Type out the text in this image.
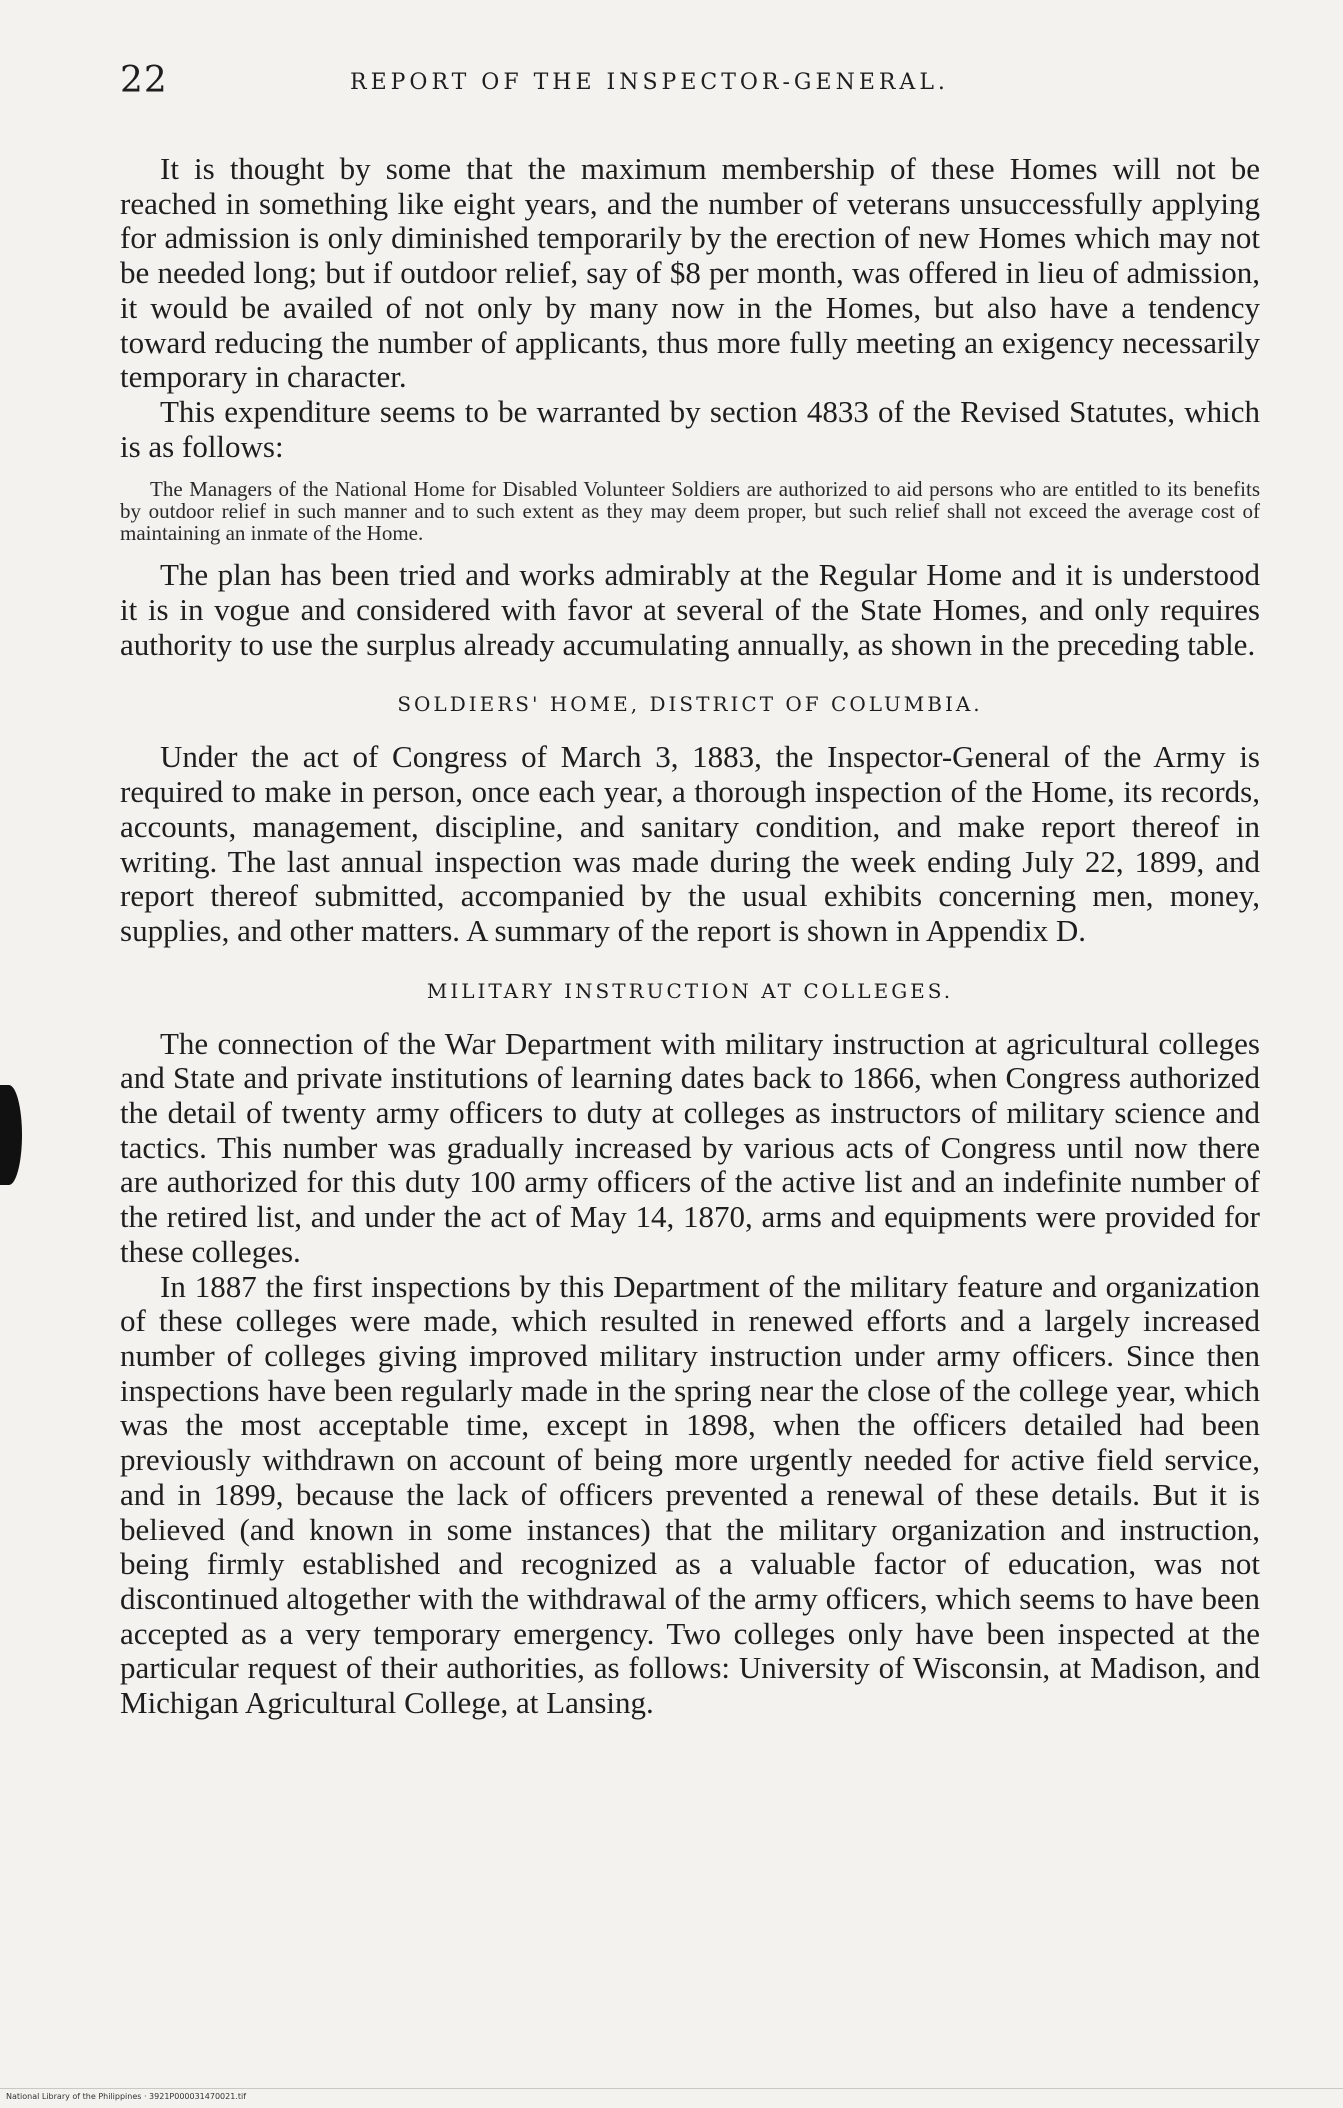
22	REPORT OF THE INSPECTOR-GENERAL.

It is thought by some that the maximum membership of these Homes will not be reached in something like eight years, and the number of veterans unsuccessfully applying for admission is only diminished temporarily by the erection of new Homes which may not be needed long; but if outdoor relief, say of $8 per month, was offered in lieu of admission, it would be availed of not only by many now in the Homes, but also have a tendency toward reducing the number of applicants, thus more fully meeting an exigency necessarily temporary in character.

This expenditure seems to be warranted by section 4833 of the Revised Statutes, which is as follows:

The Managers of the National Home for Disabled Volunteer Soldiers are authorized to aid persons who are entitled to its benefits by outdoor relief in such manner and to such extent as they may deem proper, but such relief shall not exceed the average cost of maintaining an inmate of the Home.

The plan has been tried and works admirably at the Regular Home and it is understood it is in vogue and considered with favor at several of the State Homes, and only requires authority to use the surplus already accumulating annually, as shown in the preceding table.

SOLDIERS' HOME, DISTRICT OF COLUMBIA.

Under the act of Congress of March 3, 1883, the Inspector-General of the Army is required to make in person, once each year, a thorough inspection of the Home, its records, accounts, management, discipline, and sanitary condition, and make report thereof in writing. The last annual inspection was made during the week ending July 22, 1899, and report thereof submitted, accompanied by the usual exhibits concerning men, money, supplies, and other matters. A summary of the report is shown in Appendix D.

MILITARY INSTRUCTION AT COLLEGES.

The connection of the War Department with military instruction at agricultural colleges and State and private institutions of learning dates back to 1866, when Congress authorized the detail of twenty army officers to duty at colleges as instructors of military science and tactics. This number was gradually increased by various acts of Congress until now there are authorized for this duty 100 army officers of the active list and an indefinite number of the retired list, and under the act of May 14, 1870, arms and equipments were provided for these colleges.

In 1887 the first inspections by this Department of the military feature and organization of these colleges were made, which resulted in renewed efforts and a largely increased number of colleges giving improved military instruction under army officers. Since then inspections have been regularly made in the spring near the close of the college year, which was the most acceptable time, except in 1898, when the officers detailed had been previously withdrawn on account of being more urgently needed for active field service, and in 1899, because the lack of officers prevented a renewal of these details. But it is believed (and known in some instances) that the military organization and instruction, being firmly established and recognized as a valuable factor of education, was not discontinued altogether with the withdrawal of the army officers, which seems to have been accepted as a very temporary emergency. Two colleges only have been inspected at the particular request of their authorities, as follows: University of Wisconsin, at Madison, and Michigan Agricultural College, at Lansing.

National Library of the Philippines · 3921P000031470021.tif
